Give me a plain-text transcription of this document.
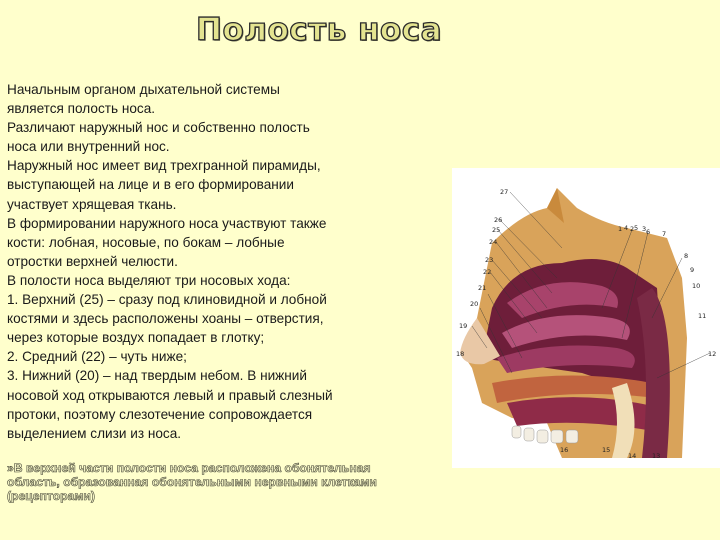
Полость носа
Начальным органом дыхательной системы
является полость носа.
Различают наружный нос и собственно полость
носа или внутренний нос.
Наружный нос имеет вид трехгранной пирамиды,
выступающей на лице и в его формировании
участвует хрящевая ткань.
В формировании наружного носа участвуют также
кости: лобная, носовые, по бокам – лобные
отростки верхней челюсти.
В полости носа выделяют три носовых хода:
1. Верхний (25) – сразу под клиновидной и лобной
костями и здесь расположены хоаны – отверстия,
через которые воздух попадает в глотку;
2. Средний (22) – чуть ниже;
3. Нижний (20) – над твердым небом. В нижний
носовой ход открываются левый и правый слезный
протоки, поэтому слезотечение сопровождается
выделением слизи из носа.
»В верхней части полости носа расположена обонятельная
область, образованная обонятельными нервными клетками
(рецепторами)
27
26
25
24
23
22
21
20
19
18
1 2 3
4 5 6 7
8
9
10
11
12
13
14
15
16
